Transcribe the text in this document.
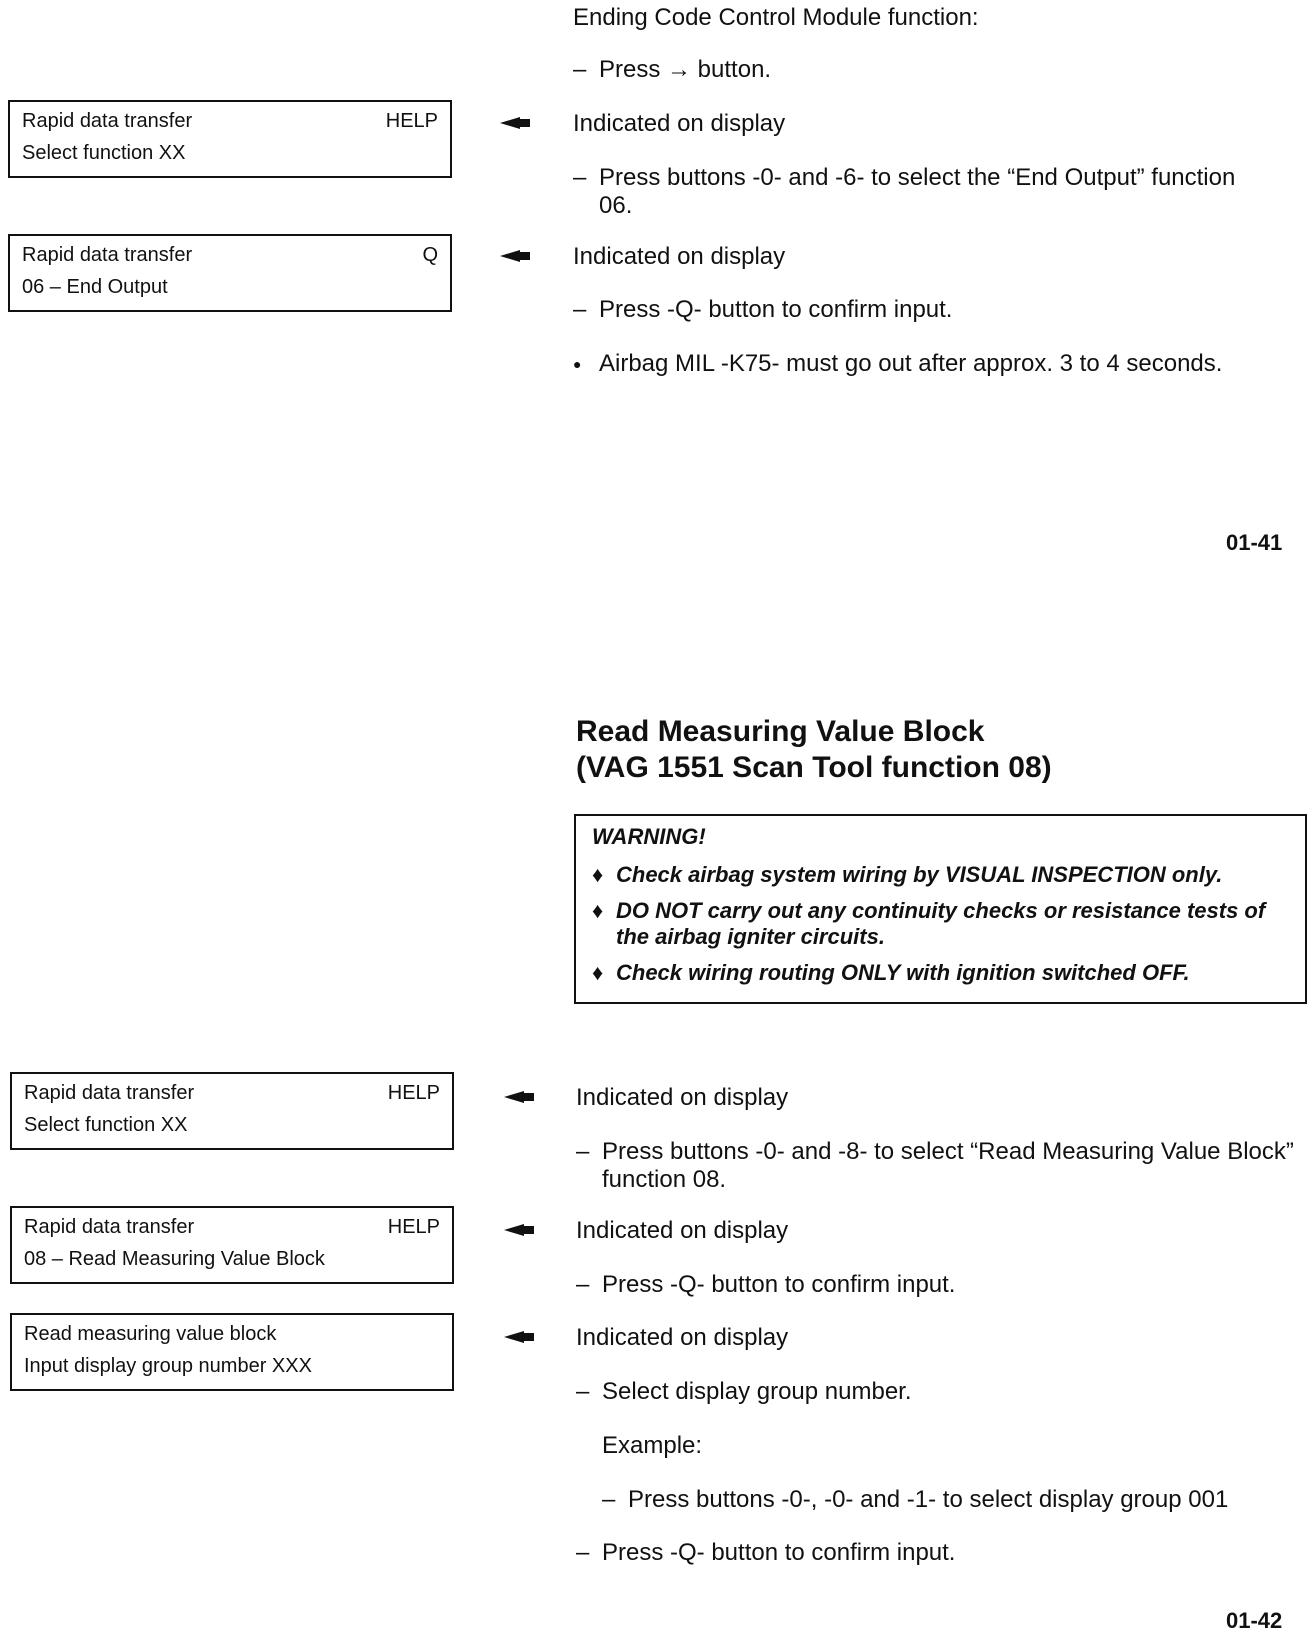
Ending Code Control Module function:
– Press → button.
Rapid data transfer	HELP
Select function XX
Indicated on display
– Press buttons -0- and -6- to select the “End Output” function 06.
Rapid data transfer	Q
06 – End Output
Indicated on display
– Press -Q- button to confirm input.
● Airbag MIL -K75- must go out after approx. 3 to 4 seconds.
01-41
Read Measuring Value Block
(VAG 1551 Scan Tool function 08)
WARNING!
♦ Check airbag system wiring by VISUAL INSPECTION only.
♦ DO NOT carry out any continuity checks or resistance tests of the airbag igniter circuits.
♦ Check wiring routing ONLY with ignition switched OFF.
Rapid data transfer	HELP
Select function XX
Indicated on display
– Press buttons -0- and -8- to select “Read Measuring Value Block” function 08.
Rapid data transfer	HELP
08 – Read Measuring Value Block
Indicated on display
– Press -Q- button to confirm input.
Read measuring value block
Input display group number XXX
Indicated on display
– Select display group number.
Example:
– Press buttons -0-, -0- and -1- to select display group 001
– Press -Q- button to confirm input.
01-42
